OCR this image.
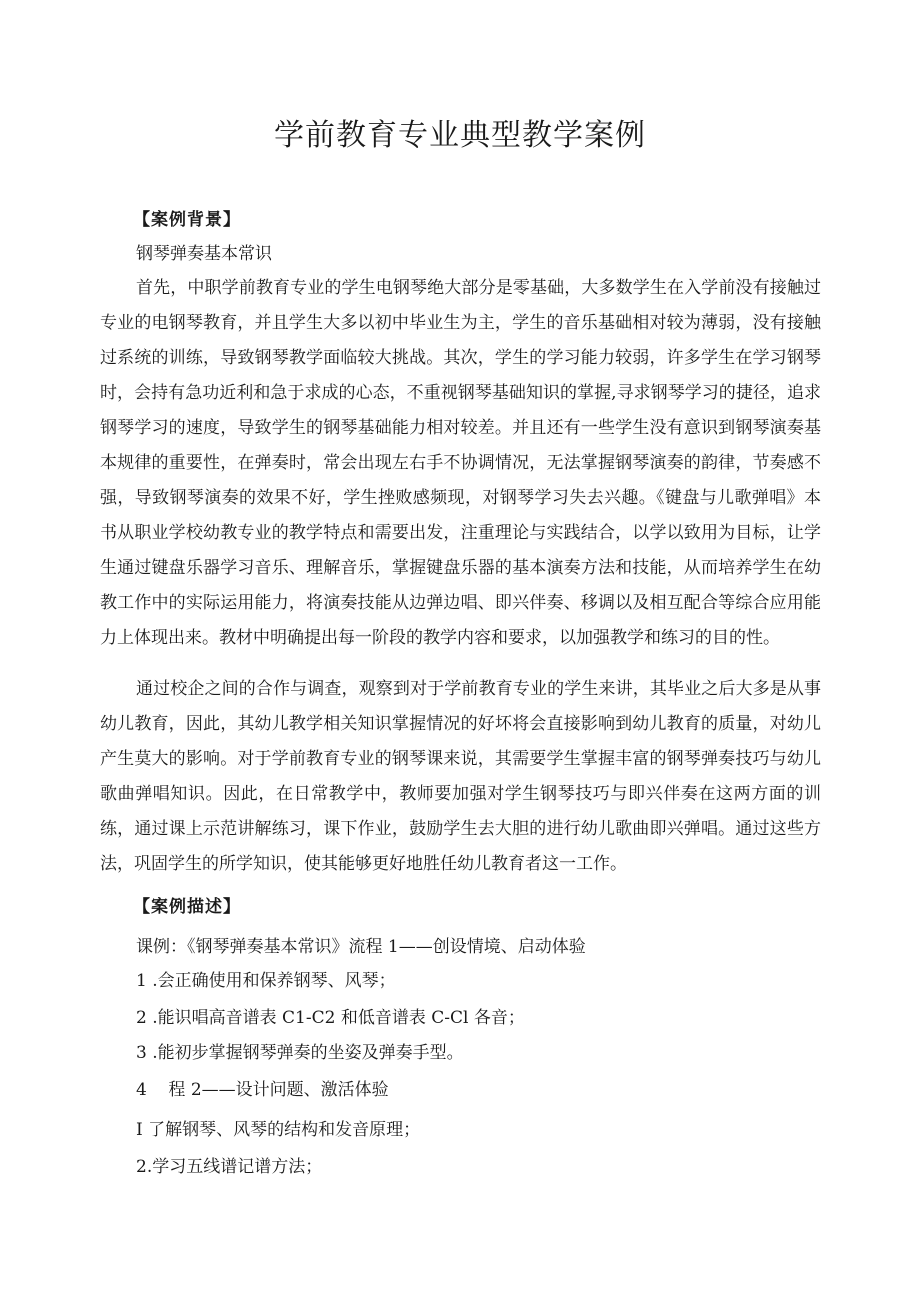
学前教育专业典型教学案例
【案例背景】
钢琴弹奏基本常识

首先，中职学前教育专业的学生电钢琴绝大部分是零基础，大多数学生在入学前没有接触过专业的电钢琴教育，并且学生大多以初中毕业生为主，学生的音乐基础相对较为薄弱，没有接触过系统的训练，导致钢琴教学面临较大挑战。其次，学生的学习能力较弱，许多学生在学习钢琴时，会持有急功近利和急于求成的心态，不重视钢琴基础知识的掌握,寻求钢琴学习的捷径，追求钢琴学习的速度，导致学生的钢琴基础能力相对较差。并且还有一些学生没有意识到钢琴演奏基本规律的重要性，在弹奏时，常会出现左右手不协调情况，无法掌握钢琴演奏的韵律，节奏感不强，导致钢琴演奏的效果不好，学生挫败感频现，对钢琴学习失去兴趣。《键盘与儿歌弹唱》本书从职业学校幼教专业的教学特点和需要出发，注重理论与实践结合，以学以致用为目标，让学生通过键盘乐器学习音乐、理解音乐，掌握键盘乐器的基本演奏方法和技能，从而培养学生在幼教工作中的实际运用能力，将演奏技能从边弹边唱、即兴伴奏、移调以及相互配合等综合应用能力上体现出来。教材中明确提出每一阶段的教学内容和要求，以加强教学和练习的目的性。

通过校企之间的合作与调查，观察到对于学前教育专业的学生来讲，其毕业之后大多是从事幼儿教育，因此，其幼儿教学相关知识掌握情况的好坏将会直接影响到幼儿教育的质量，对幼儿产生莫大的影响。对于学前教育专业的钢琴课来说，其需要学生掌握丰富的钢琴弹奏技巧与幼儿歌曲弹唱知识。因此，在日常教学中，教师要加强对学生钢琴技巧与即兴伴奏在这两方面的训练，通过课上示范讲解练习，课下作业，鼓励学生去大胆的进行幼儿歌曲即兴弹唱。通过这些方法，巩固学生的所学知识，使其能够更好地胜任幼儿教育者这一工作。

【案例描述】
课例：《钢琴弹奏基本常识》流程 1——创设情境、启动体验
1 .会正确使用和保养钢琴、风琴；
2 .能识唱高音谱表 C1-C2 和低音谱表 C-Cl 各音；
3 .能初步掌握钢琴弹奏的坐姿及弹奏手型。
4    程 2——设计问题、激活体验
I 了解钢琴、风琴的结构和发音原理；
2.学习五线谱记谱方法；
